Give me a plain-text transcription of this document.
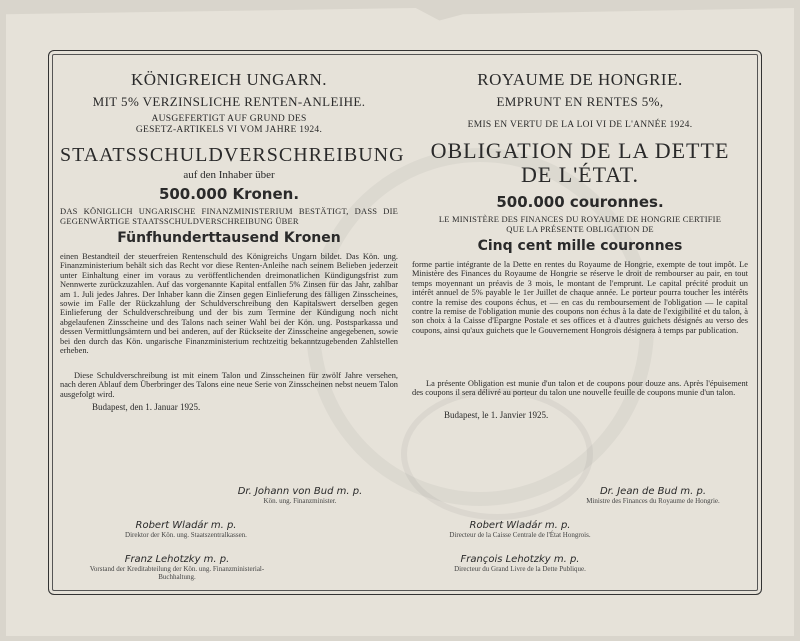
KÖNIGREICH UNGARN.
MIT 5% VERZINSLICHE RENTEN-ANLEIHE.
AUSGEFERTIGT AUF GRUND DES GESETZ-ARTIKELS VI VOM JAHRE 1924.
STAATSSCHULDVERSCHREIBUNG
auf den Inhaber über
500.000 Kronen.
DAS KÖNIGLICH UNGARISCHE FINANZMINISTERIUM BESTÄTIGT, DASS DIE GEGENWÄRTIGE STAATSSCHULDVERSCHREIBUNG ÜBER
Fünfhunderttausend Kronen
einen Bestandteil der steuerfreien Rentenschuld des Königreichs Ungarn bildet. Das Kön. ung. Finanzministerium behält sich das Recht vor diese Renten-Anleihe nach seinem Belieben jederzeit unter Einhaltung einer im voraus zu veröffentlichenden dreimonatlichen Kündigungsfrist zum Nennwerte zurückzuzahlen. Auf das vorgenannte Kapital entfallen 5% Zinsen für das Jahr, zahlbar am 1. Juli jedes Jahres. Der Inhaber kann die Zinsen gegen Einlieferung des fälligen Zinsscheines, sowie im Falle der Rückzahlung der Schuldverschreibung den Kapitalswert derselben gegen Einlieferung der Schuldverschreibung und der bis zum Termine der Kündigung noch nicht abgelaufenen Zinsscheine und des Talons nach seiner Wahl bei der Kön. ung. Postsparkassa und dessen Vermittlungsämtern und bei anderen, auf der Rückseite der Zinsscheine angegebenen, sowie bei den durch das Kön. ungarische Finanzministerium rechtzeitig bekanntzugebenden Zahlstellen erheben.
Diese Schuldverschreibung ist mit einem Talon und Zinsscheinen für zwölf Jahre versehen, nach deren Ablauf dem Überbringer des Talons eine neue Serie von Zinsscheinen nebst neuem Talon ausgefolgt wird.
Budapest, den 1. Januar 1925.
ROYAUME DE HONGRIE.
EMPRUNT EN RENTES 5%,
EMIS EN VERTU DE LA LOI VI DE L'ANNÉE 1924.
OBLIGATION DE LA DETTE
DE L'ÉTAT.
500.000 couronnes.
LE MINISTÈRE DES FINANCES DU ROYAUME DE HONGRIE CERTIFIE QUE LA PRÉSENTE OBLIGATION DE
Cinq cent mille couronnes
forme partie intégrante de la Dette en rentes du Royaume de Hongrie, exempte de tout impôt. Le Ministère des Finances du Royaume de Hongrie se réserve le droit de rembourser au pair, en tout temps moyennant un préavis de 3 mois, le montant de l'emprunt. Le capital précité produit un intérêt annuel de 5% payable le 1er Juillet de chaque année. Le porteur pourra toucher les intérêts contre la remise des coupons échus, et — en cas du remboursement de l'obligation — le capital contre la remise de l'obligation munie des coupons non échus à la date de l'exigibilité et du talon, à son choix à la Caisse d'Epargne Postale et ses offices et à d'autres guichets désignés au verso des coupons, ainsi qu'aux guichets que le Gouvernement Hongrois désignera à temps par publication.
La présente Obligation est munie d'un talon et de coupons pour douze ans. Après l'épuisement des coupons il sera délivré au porteur du talon une nouvelle feuille de coupons munie d'un talon.
Budapest, le 1. Janvier 1925.
Dr. Johann von Bud m. p.
Kön. ung. Finanzminister.
Robert Wladár m. p.
Direktor der Kön. ung. Staatszentralkassen.
Franz Lehotzky m. p.
Vorstand der Kreditabteilung der Kön. ung. Finanzministerial-Buchhaltung.
Dr. Jean de Bud m. p.
Ministre des Finances du Royaume de Hongrie.
Robert Wladár m. p.
Directeur de la Caisse Centrale de l'État Hongrois.
François Lehotzky m. p.
Directeur du Grand Livre de la Dette Publique.
